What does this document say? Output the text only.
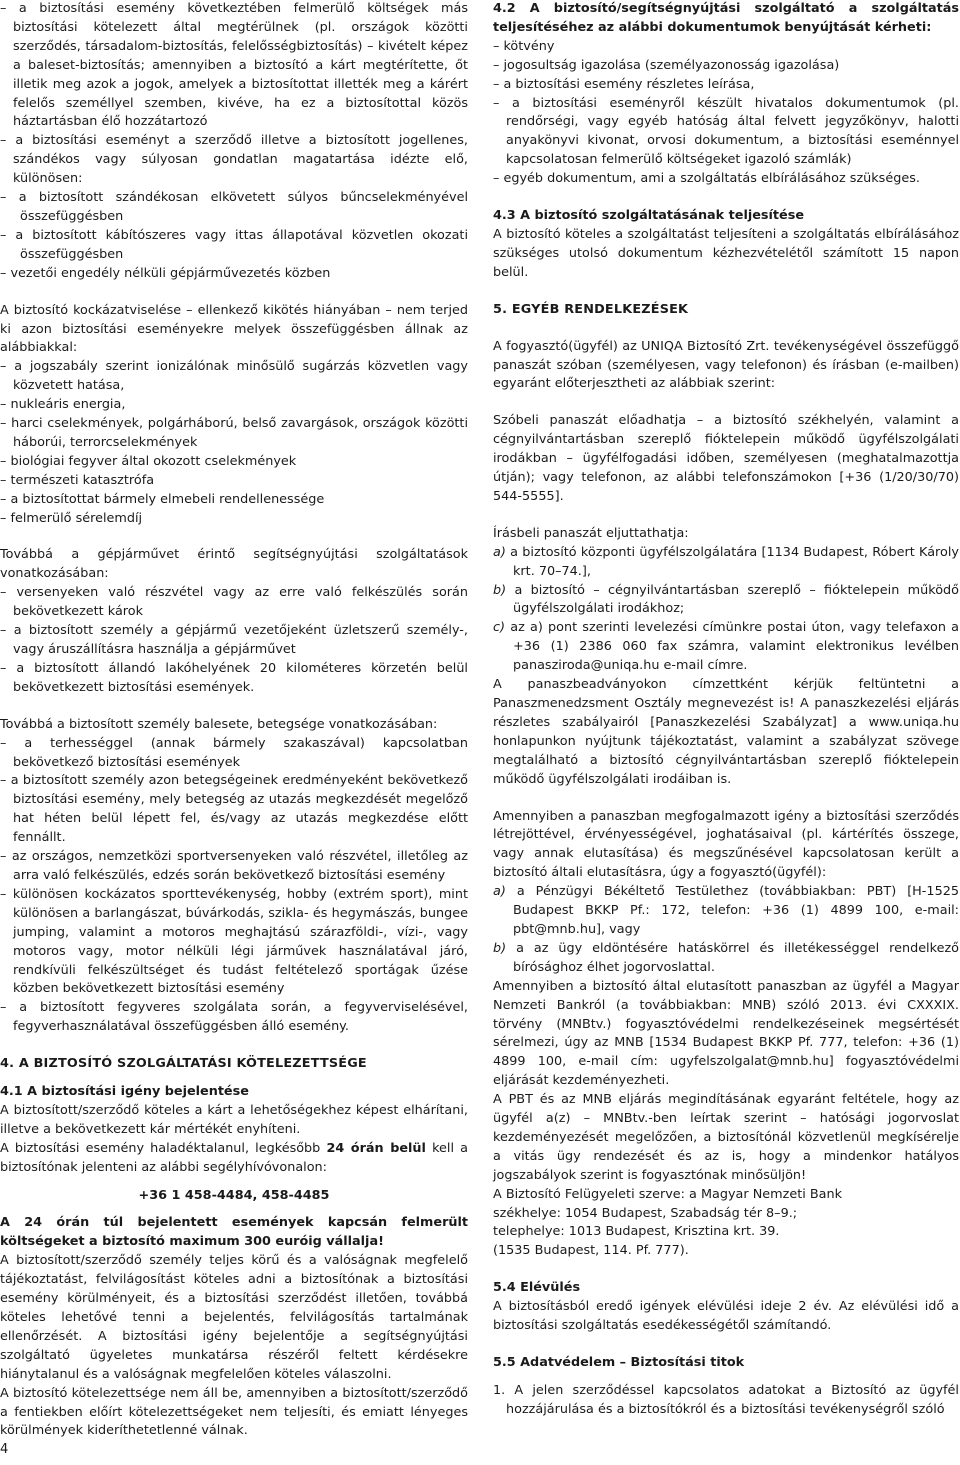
– a biztosítási esemény következtében felmerülő költségek más biztosítási kötelezett által megtérülnek (pl. országok közötti szerződés, társadalom-biztosítás, felelősségbiztosítás) – kivételt képez a baleset-biztosítás; amennyiben a biztosító a kárt megtérítette, őt illetik meg azok a jogok, amelyek a biztosítottat illették meg a kárért felelős személlyel szemben, kivéve, ha ez a biztosítottal közös háztartásban élő hozzátartozó

– a biztosítási eseményt a szerződő illetve a biztosított jogellenes, szándékos vagy súlyosan gondatlan magatartása idézte elő, különösen:

– a biztosított szándékosan elkövetett súlyos bűncselekményével összefüggésben

– a biztosított kábítószeres vagy ittas állapotával közvetlen okozati összefüggésben

– vezetői engedély nélküli gépjárművezetés közben

A biztosító kockázatviselése – ellenkező kikötés hiányában – nem terjed ki azon biztosítási eseményekre melyek összefüggésben állnak az alábbiakkal:

– a jogszabály szerint ionizálónak minősülő sugárzás közvetlen vagy közvetett hatása,

– nukleáris energia,

– harci cselekmények, polgárháború, belső zavargások, országok közötti háborúi, terrorcselekmények

– biológiai fegyver által okozott cselekmények

– természeti katasztrófa

– a biztosítottat bármely elmebeli rendellenessége

– felmerülő sérelemdíj

Továbbá a gépjárművet érintő segítségnyújtási szolgáltatások vonatkozásában:

– versenyeken való részvétel vagy az erre való felkészülés során bekövetkezett károk

– a biztosított személy a gépjármű vezetőjeként üzletszerű személy-, vagy áruszállításra használja a gépjárművet

– a biztosított állandó lakóhelyének 20 kilométeres körzetén belül bekövetkezett biztosítási események.

Továbbá a biztosított személy balesete, betegsége vonatkozásában:

– a terhességgel (annak bármely szakaszával) kapcsolatban bekövetkező biztosítási események

– a biztosított személy azon betegségeinek eredményeként bekövetkező biztosítási esemény, mely betegség az utazás megkezdését megelőző hat héten belül lépett fel, és/vagy az utazás megkezdése előtt fennállt.

– az országos, nemzetközi sportversenyeken való részvétel, illetőleg az arra való felkészülés, edzés során bekövetkező biztosítási esemény

– különösen kockázatos sporttevékenység, hobby (extrém sport), mint különösen a barlangászat, búvárkodás, szikla- és hegymászás, bungee jumping, valamint a motoros meghajtású szárazföldi-, vízi-, vagy motoros vagy, motor nélküli légi járművek használatával járó, rendkívüli felkészültséget és tudást feltételező sportágak űzése közben bekövetkezett biztosítási esemény

– a biztosított fegyveres szolgálata során, a fegyverviselésével, fegyverhasználatával összefüggésben álló esemény.

4. A BIZTOSÍTÓ SZOLGÁLTATÁSI KÖTELEZETTSÉGE

4.1 A biztosítási igény bejelentése

A biztosított/szerződő köteles a kárt a lehetőségekhez képest elhárítani, illetve a bekövetkezett kár mértékét enyhíteni.

A biztosítási esemény haladéktalanul, legkésőbb 24 órán belül kell a biztosítónak jelenteni az alábbi segélyhívóvonalon:

+36 1 458-4484, 458-4485

A 24 órán túl bejelentett események kapcsán felmerült költségeket a biztosító maximum 300 euróig vállalja!

A biztosított/szerződő személy teljes körű és a valóságnak megfelelő tájékoztatást, felvilágosítást köteles adni a biztosítónak a biztosítási esemény körülményeit, és a biztosítási szerződést illetően, továbbá köteles lehetővé tenni a bejelentés, felvilágosítás tartalmának ellenőrzését. A biztosítási igény bejelentője a segítségnyújtási szolgáltató ügyeletes munkatársa részéről feltett kérdésekre hiánytalanul és a valóságnak megfelelően köteles válaszolni.

A biztosító kötelezettsége nem áll be, amennyiben a biztosított/szerződő a fentiekben előírt kötelezettségeket nem teljesíti, és emiatt lényeges körülmények kideríthetetlenné válnak.

4.2 A biztosító/segítségnyújtási szolgáltató a szolgáltatás teljesítéséhez az alábbi dokumentumok benyújtását kérheti:

– kötvény

– jogosultság igazolása (személyazonosság igazolása)

– a biztosítási esemény részletes leírása,

– a biztosítási eseményről készült hivatalos dokumentumok (pl. rendőrségi, vagy egyéb hatóság által felvett jegyzőkönyv, halotti anyakönyvi kivonat, orvosi dokumentum, a biztosítási eseménnyel kapcsolatosan felmerülő költségeket igazoló számlák)

– egyéb dokumentum, ami a szolgáltatás elbírálásához szükséges.

4.3 A biztosító szolgáltatásának teljesítése

A biztosító köteles a szolgáltatást teljesíteni a szolgáltatás elbírálásához szükséges utolsó dokumentum kézhezvételétől számított 15 napon belül.

5. EGYÉB RENDELKEZÉSEK

A fogyasztó(ügyfél) az UNIQA Biztosító Zrt. tevékenységével összefüggő panaszát szóban (személyesen, vagy telefonon) és írásban (e-mailben) egyaránt előterjesztheti az alábbiak szerint:

Szóbeli panaszát előadhatja – a biztosító székhelyén, valamint a cégnyilvántartásban szereplő fióktelepein működő ügyfélszolgálati irodákban – ügyfélfogadási időben, személyesen (meghatalmazottja útján); vagy telefonon, az alábbi telefonszámokon [+36 (1/20/30/70) 544-5555].

Írásbeli panaszát eljuttathatja:

a) a biztosító központi ügyfélszolgálatára [1134 Budapest, Róbert Károly krt. 70–74.],

b) a biztosító – cégnyilvántartásban szereplő – fióktelepein működő ügyfélszolgálati irodákhoz;

c) az a) pont szerinti levelezési címünkre postai úton, vagy telefaxon a +36 (1) 2386 060 fax számra, valamint elektronikus levélben panasziroda@uniqa.hu e-mail címre.

A panaszbeadványokon címzettként kérjük feltüntetni a Panaszmenedzsment Osztály megnevezést is! A panaszkezelési eljárás részletes szabályairól [Panaszkezelési Szabályzat] a www.uniqa.hu honlapunkon nyújtunk tájékoztatást, valamint a szabályzat szövege megtalálható a biztosító cégnyilvántartásban szereplő fióktelepein működő ügyfélszolgálati irodáiban is.

Amennyiben a panaszban megfogalmazott igény a biztosítási szerződés létrejöttével, érvényességével, joghatásaival (pl. kártérítés összege, vagy annak elutasítása) és megszűnésével kapcsolatosan került a biztosító általi elutasításra, úgy a fogyasztó(ügyfél):

a) a Pénzügyi Békéltető Testülethez (továbbiakban: PBT) [H-1525 Budapest BKKP Pf.: 172, telefon: +36 (1) 4899 100, e-mail: pbt@mnb.hu], vagy

b) a az ügy eldöntésére hatáskörrel és illetékességgel rendelkező bírósághoz élhet jogorvoslattal.

Amennyiben a biztosító által elutasított panaszban az ügyfél a Magyar Nemzeti Bankról (a továbbiakban: MNB) szóló 2013. évi CXXXIX. törvény (MNBtv.) fogyasztóvédelmi rendelkezéseinek megsértését sérelmezi, úgy az MNB [1534 Budapest BKKP Pf. 777, telefon: +36 (1) 4899 100, e-mail cím: ugyfelszolgalat@mnb.hu] fogyasztóvédelmi eljárását kezdeményezheti.

A PBT és az MNB eljárás megindításának egyaránt feltétele, hogy az ügyfél a(z) – MNBtv.-ben leírtak szerint – hatósági jogorvoslat kezdeményezését megelőzően, a biztosítónál közvetlenül megkísérelje a vitás ügy rendezését és az is, hogy a mindenkor hatályos jogszabályok szerint is fogyasztónak minősüljön!

A Biztosító Felügyeleti szerve: a Magyar Nemzeti Bank

székhelye: 1054 Budapest, Szabadság tér 8–9.;

telephelye: 1013 Budapest, Krisztina krt. 39.

(1535 Budapest, 114. Pf. 777).

5.4 Elévülés

A biztosításból eredő igények elévülési ideje 2 év. Az elévülési idő a biztosítási szolgáltatás esedékességétől számítandó.

5.5 Adatvédelem – Biztosítási titok

1. A jelen szerződéssel kapcsolatos adatokat a Biztosító az ügyfél hozzájárulása és a biztosítókról és a biztosítási tevékenységről szóló

4
